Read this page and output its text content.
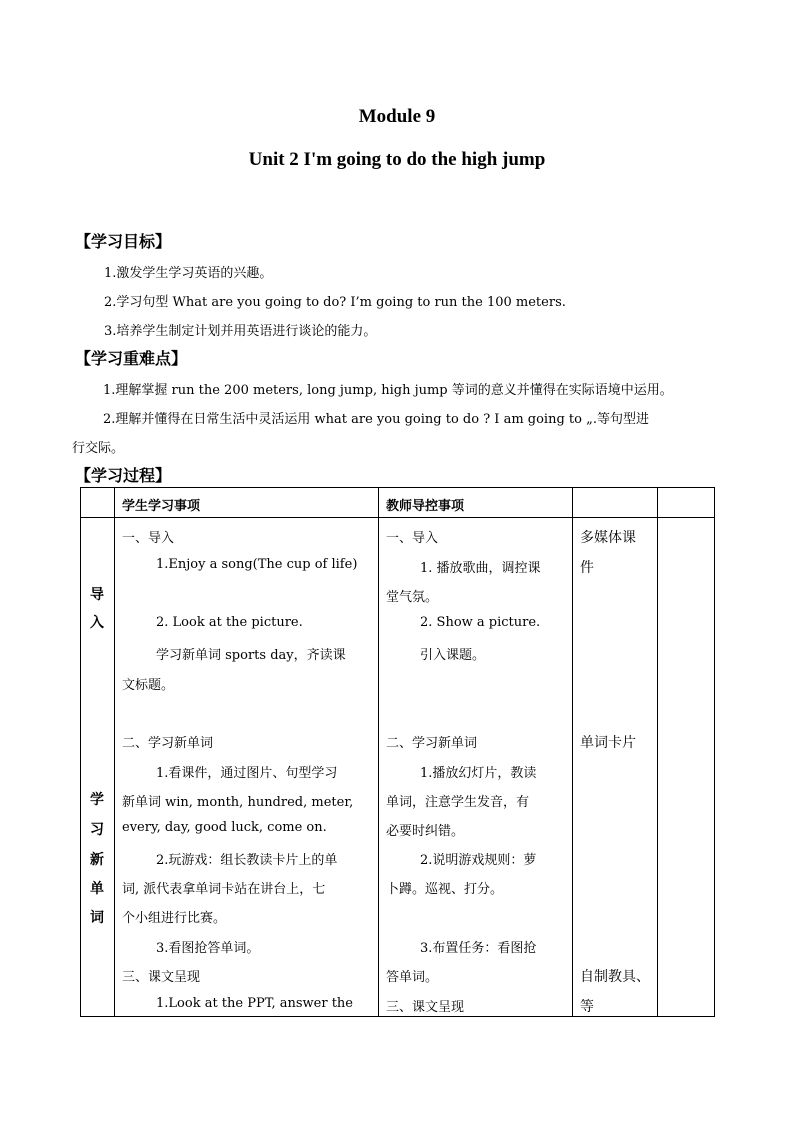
Module 9
Unit 2 I'm going to do the high jump
【学习目标】
1.激发学生学习英语的兴趣。
2.学习句型 What are you going to do? I’m going to run the 100 meters.
3.培养学生制定计划并用英语进行谈论的能力。
【学习重难点】
1.理解掌握 run the 200 meters, long jump, high jump 等词的意义并懂得在实际语境中运用。
2.理解并懂得在日常生活中灵活运用 what are you going to do ? I am going to „.等句型进
行交际。
【学习过程】
学生学习事项	教师导控事项
导
入
学
习
新
单
词
一、导入
1.Enjoy a song(The cup of life)
2. Look at the picture.
学习新单词 sports day，齐读课
文标题。
二、学习新单词
1.看课件，通过图片、句型学习
新单词 win, month, hundred, meter,
every, day, good luck, come on.
2.玩游戏：组长教读卡片上的单
词, 派代表拿单词卡站在讲台上，七
个小组进行比赛。
3.看图抢答单词。
三、课文呈现
1.Look at the PPT, answer the
一、导入
1. 播放歌曲，调控课
堂气氛。
2. Show a picture.
引入课题。
二、学习新单词
1.播放幻灯片，教读
单词，注意学生发音，有
必要时纠错。
2.说明游戏规则：萝
卜蹲。巡视、打分。
3.布置任务：看图抢
答单词。
三、课文呈现
多媒体课
件
单词卡片
自制教具、
等
